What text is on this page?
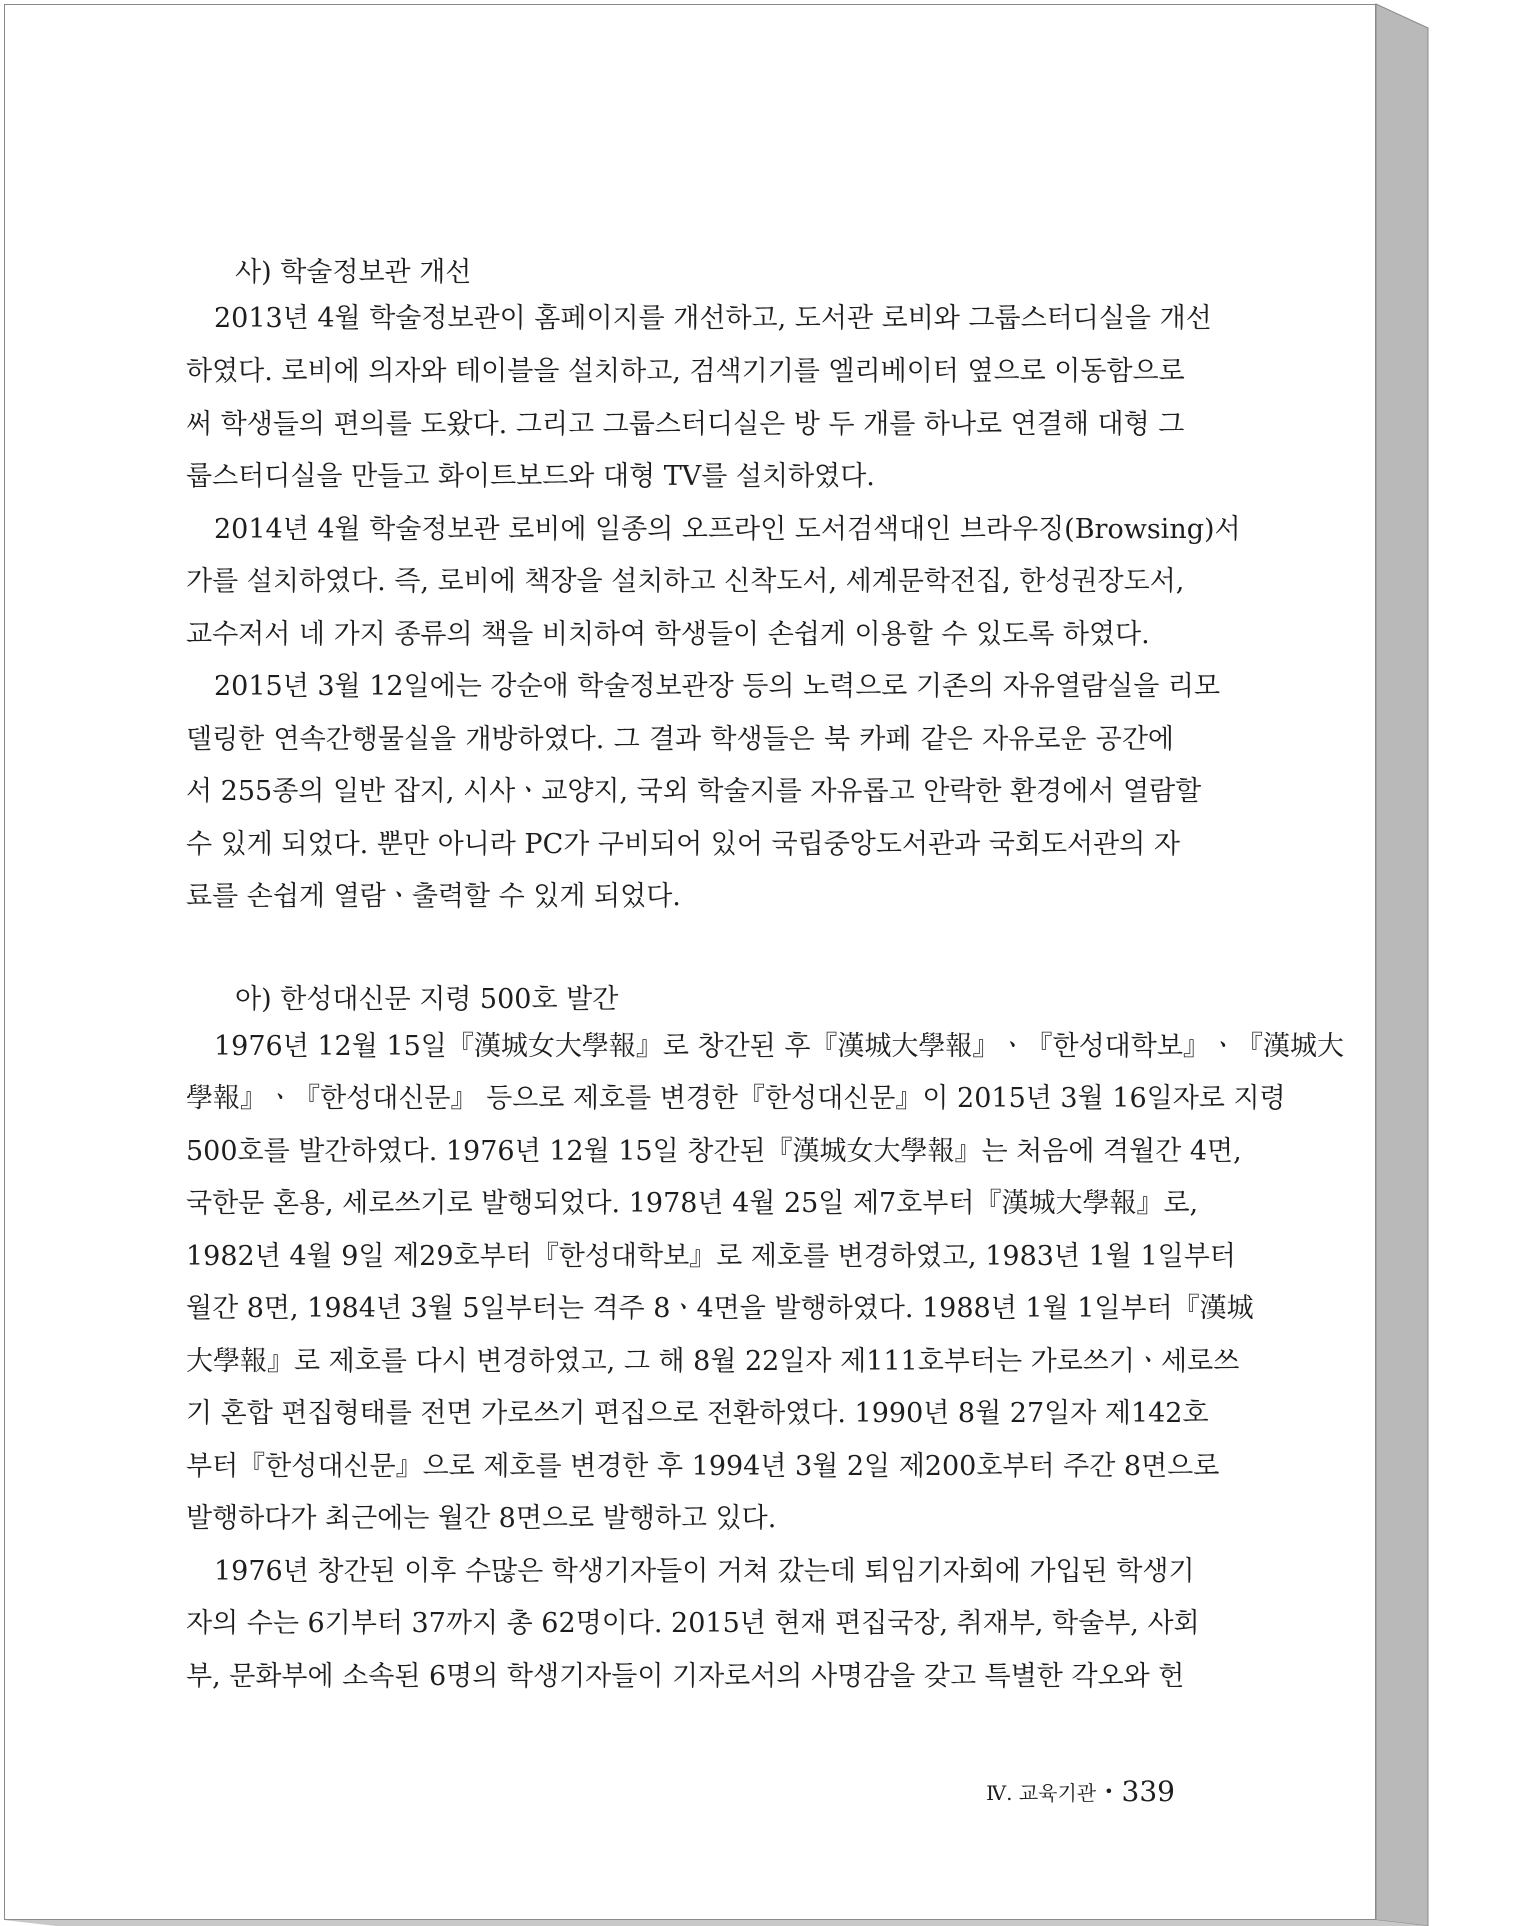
사) 학술정보관 개선

2013년 4월 학술정보관이 홈페이지를 개선하고, 도서관 로비와 그룹스터디실을 개선

하였다. 로비에 의자와 테이블을 설치하고, 검색기기를 엘리베이터 옆으로 이동함으로

써 학생들의 편의를 도왔다. 그리고 그룹스터디실은 방 두 개를 하나로 연결해 대형 그

룹스터디실을 만들고 화이트보드와 대형 TV를 설치하였다.

2014년 4월 학술정보관 로비에 일종의 오프라인 도서검색대인 브라우징(Browsing)서

가를 설치하였다. 즉, 로비에 책장을 설치하고 신착도서, 세계문학전집, 한성권장도서,

교수저서 네 가지 종류의 책을 비치하여 학생들이 손쉽게 이용할 수 있도록 하였다.

2015년 3월 12일에는 강순애 학술정보관장 등의 노력으로 기존의 자유열람실을 리모

델링한 연속간행물실을 개방하였다. 그 결과 학생들은 북 카페 같은 자유로운 공간에

서 255종의 일반 잡지, 시사ㆍ교양지, 국외 학술지를 자유롭고 안락한 환경에서 열람할

수 있게 되었다. 뿐만 아니라 PC가 구비되어 있어 국립중앙도서관과 국회도서관의 자

료를 손쉽게 열람ㆍ출력할 수 있게 되었다.

아) 한성대신문 지령 500호 발간

1976년 12월 15일『漢城女大學報』로 창간된 후『漢城大學報』ㆍ『한성대학보』ㆍ『漢城大

學報』ㆍ『한성대신문』 등으로 제호를 변경한『한성대신문』이 2015년 3월 16일자로 지령

500호를 발간하였다. 1976년 12월 15일 창간된『漢城女大學報』는 처음에 격월간 4면,

국한문 혼용, 세로쓰기로 발행되었다. 1978년 4월 25일 제7호부터『漢城大學報』로,

1982년 4월 9일 제29호부터『한성대학보』로 제호를 변경하였고, 1983년 1월 1일부터

월간 8면, 1984년 3월 5일부터는 격주 8ㆍ4면을 발행하였다. 1988년 1월 1일부터『漢城

大學報』로 제호를 다시 변경하였고, 그 해 8월 22일자 제111호부터는 가로쓰기ㆍ세로쓰

기 혼합 편집형태를 전면 가로쓰기 편집으로 전환하였다. 1990년 8월 27일자 제142호

부터『한성대신문』으로 제호를 변경한 후 1994년 3월 2일 제200호부터 주간 8면으로

발행하다가 최근에는 월간 8면으로 발행하고 있다.

1976년 창간된 이후 수많은 학생기자들이 거쳐 갔는데 퇴임기자회에 가입된 학생기

자의 수는 6기부터 37까지 총 62명이다. 2015년 현재 편집국장, 취재부, 학술부, 사회

부, 문화부에 소속된 6명의 학생기자들이 기자로서의 사명감을 갖고 특별한 각오와 헌

Ⅳ. 교육기관 • 339
